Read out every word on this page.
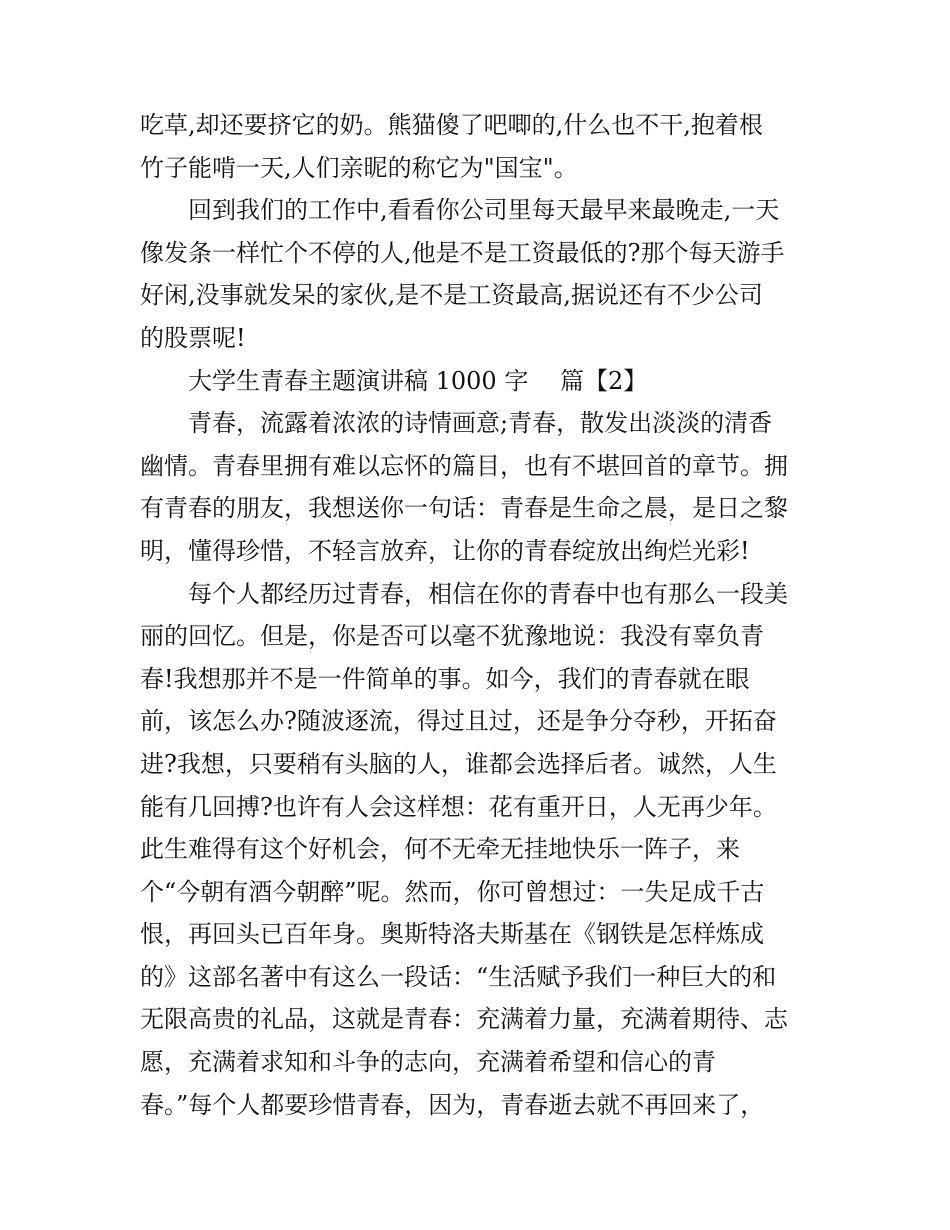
吃草,却还要挤它的奶。熊猫傻了吧唧的,什么也不干,抱着根
竹子能啃一天,人们亲昵的称它为"国宝"。
回到我们的工作中,看看你公司里每天最早来最晚走,一天
像发条一样忙个不停的人,他是不是工资最低的?那个每天游手
好闲,没事就发呆的家伙,是不是工资最高,据说还有不少公司
的股票呢!
大学生青春主题演讲稿 1000 字　 篇【2】
青春，流露着浓浓的诗情画意;青春，散发出淡淡的清香
幽情。青春里拥有难以忘怀的篇目，也有不堪回首的章节。拥
有青春的朋友，我想送你一句话：青春是生命之晨，是日之黎
明，懂得珍惜，不轻言放弃，让你的青春绽放出绚烂光彩!
每个人都经历过青春，相信在你的青春中也有那么一段美
丽的回忆。但是，你是否可以毫不犹豫地说：我没有辜负青
春!我想那并不是一件简单的事。如今，我们的青春就在眼
前，该怎么办?随波逐流，得过且过，还是争分夺秒，开拓奋
进?我想，只要稍有头脑的人，谁都会选择后者。诚然，人生
能有几回搏?也许有人会这样想：花有重开日，人无再少年。
此生难得有这个好机会，何不无牵无挂地快乐一阵子，来
个“今朝有酒今朝醉”呢。然而，你可曾想过：一失足成千古
恨，再回头已百年身。奥斯特洛夫斯基在《钢铁是怎样炼成
的》这部名著中有这么一段话：“生活赋予我们一种巨大的和
无限高贵的礼品，这就是青春：充满着力量，充满着期待、志
愿，充满着求知和斗争的志向，充满着希望和信心的青
春。”每个人都要珍惜青春，因为，青春逝去就不再回来了，
